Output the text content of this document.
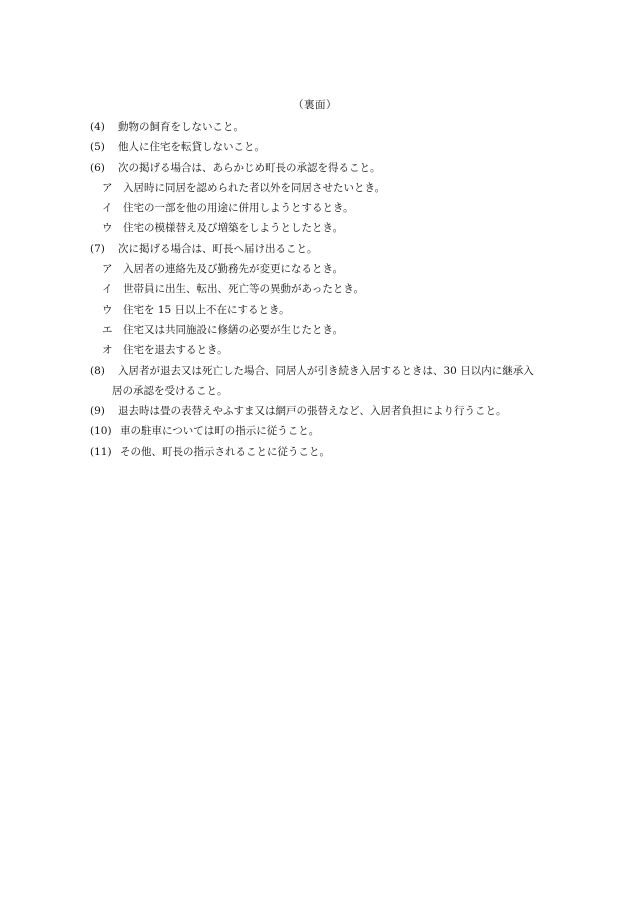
（裏面）
(4)	動物の飼育をしないこと。
(5)	他人に住宅を転貸しないこと。
(6)	次の掲げる場合は、あらかじめ町長の承認を得ること。
ア	入居時に同居を認められた者以外を同居させたいとき。
イ	住宅の一部を他の用途に併用しようとするとき。
ウ	住宅の模様替え及び増築をしようとしたとき。
(7)	次に掲げる場合は、町長へ届け出ること。
ア	入居者の連絡先及び勤務先が変更になるとき。
イ	世帯員に出生、転出、死亡等の異動があったとき。
ウ	住宅を 15 日以上不在にするとき。
エ	住宅又は共同施設に修繕の必要が生じたとき。
オ	住宅を退去するとき。
(8)	入居者が退去又は死亡した場合、同居人が引き続き入居するときは、30 日以内に継承入
居の承認を受けること。
(9)	退去時は畳の表替えやふすま又は網戸の張替えなど、入居者負担により行うこと。
(10) 車の駐車については町の指示に従うこと。
(11) その他、町長の指示されることに従うこと。
